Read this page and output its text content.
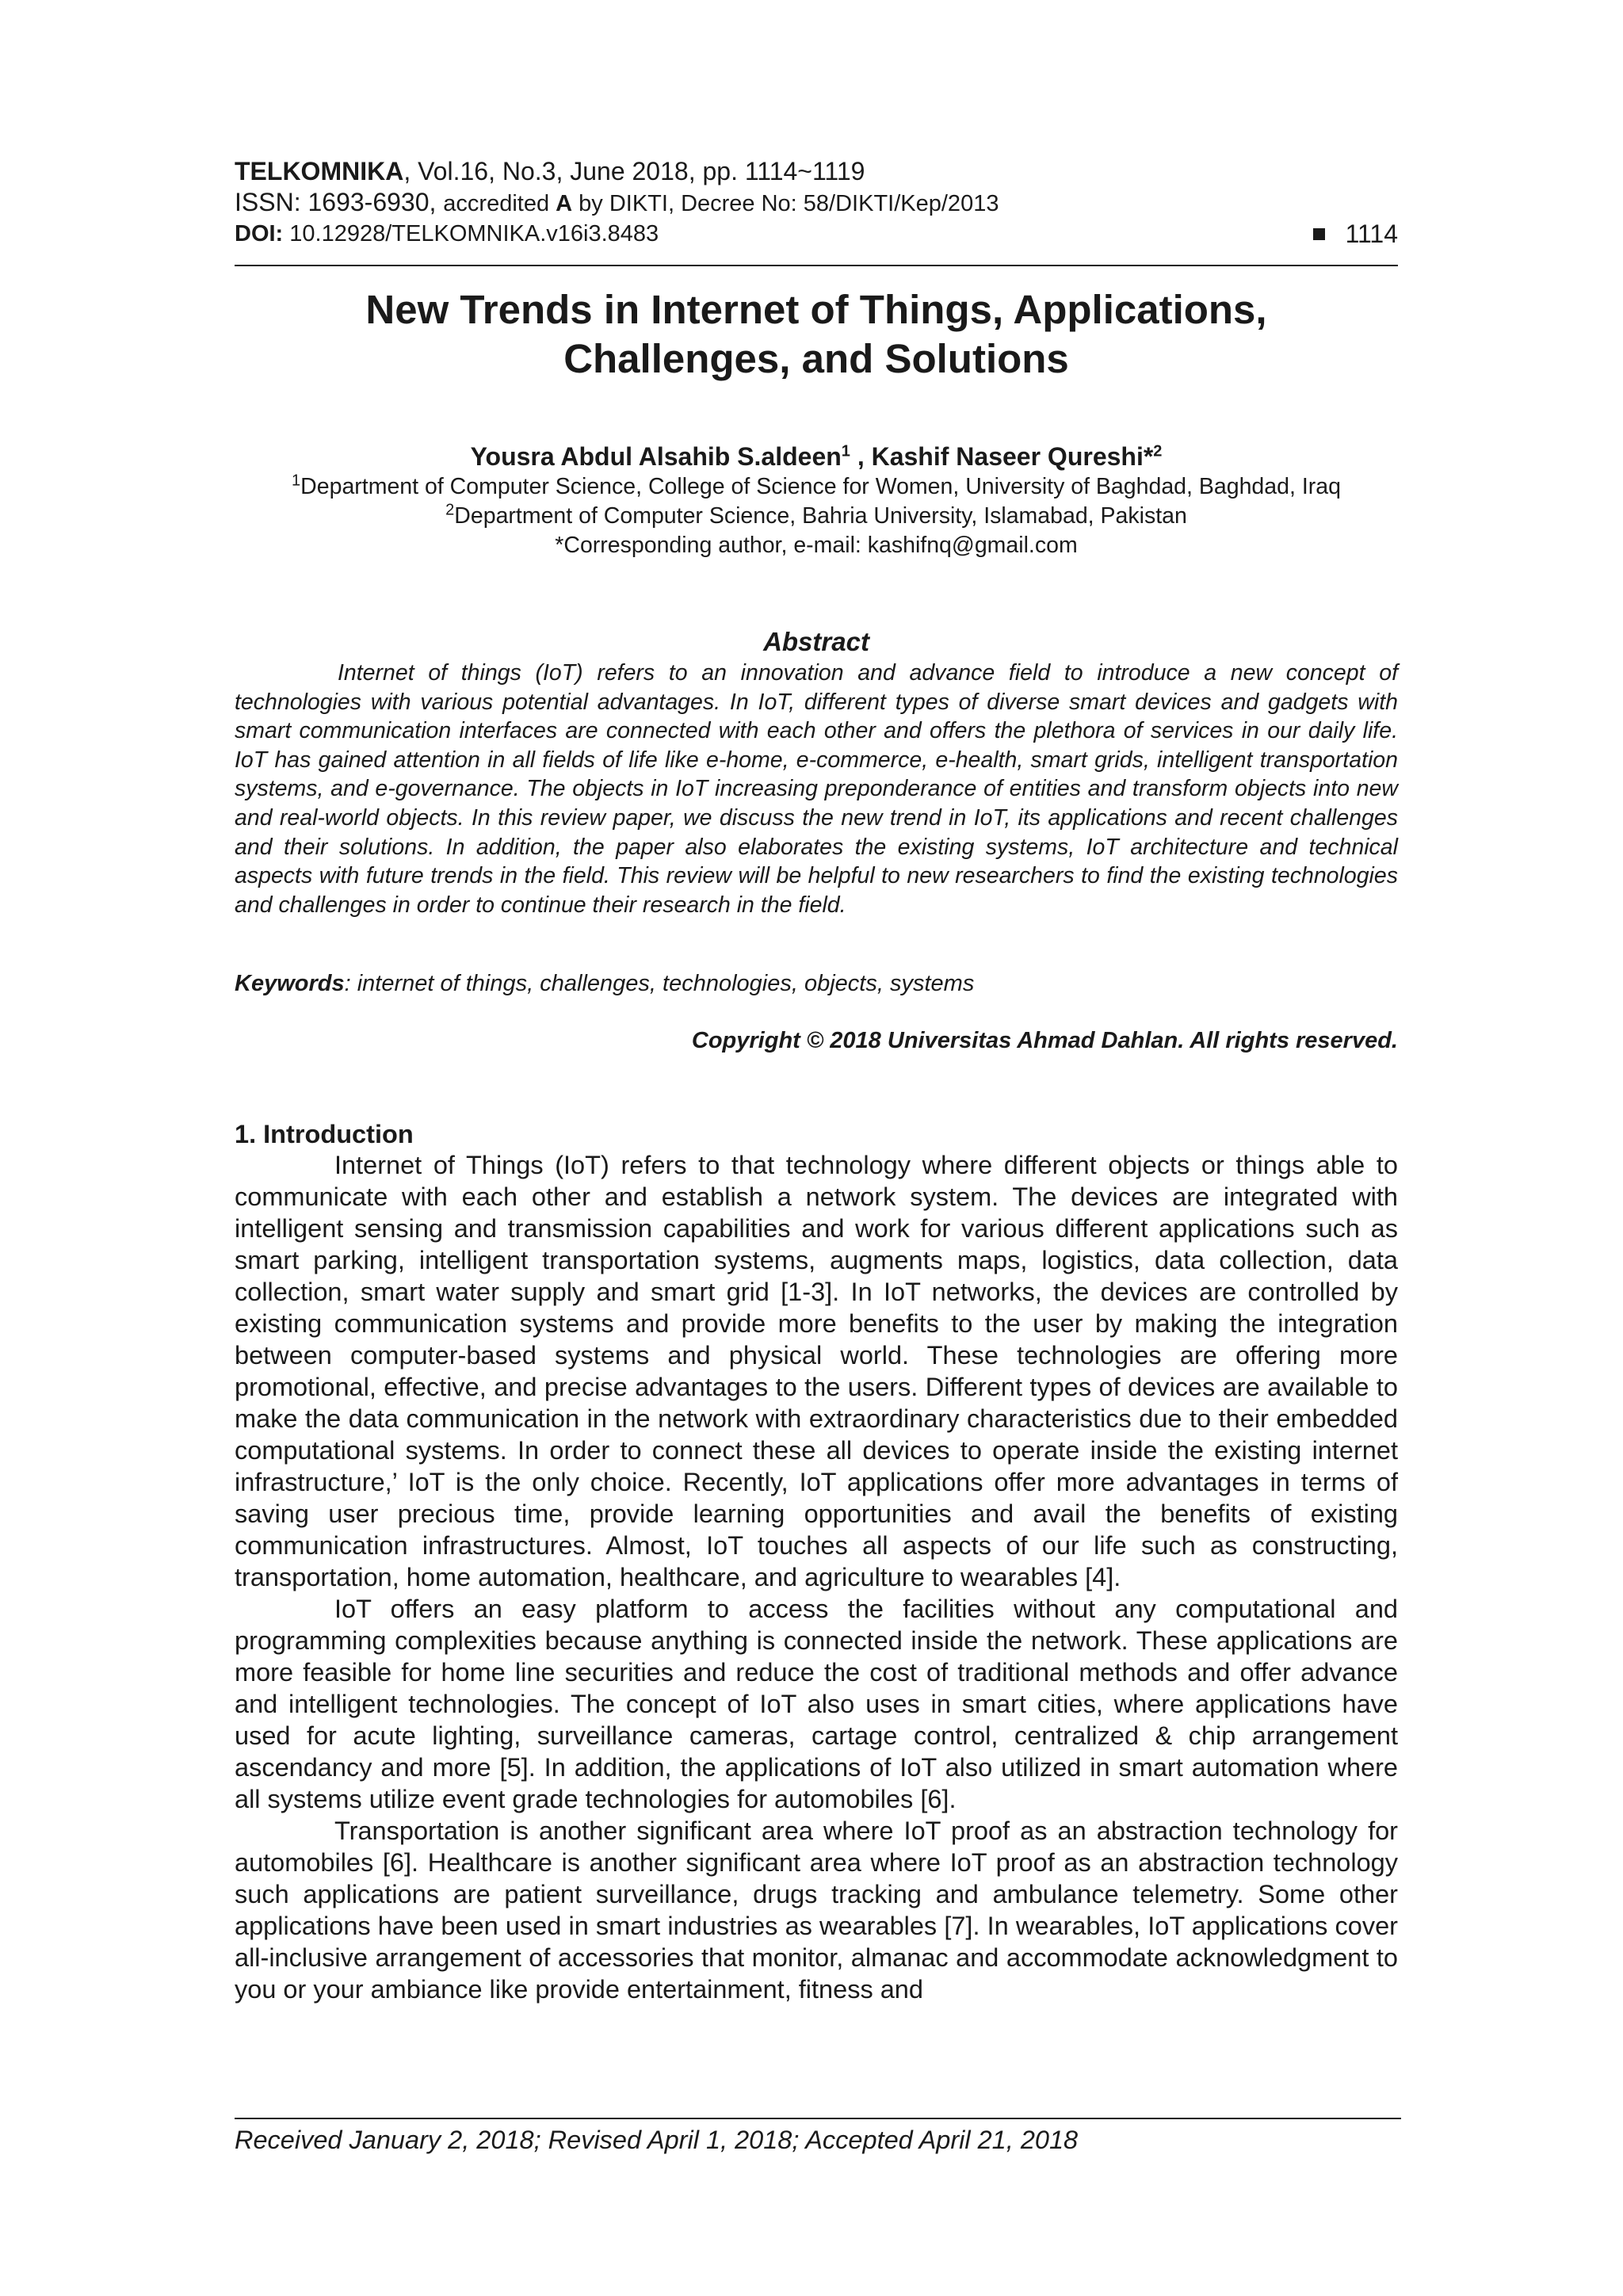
TELKOMNIKA, Vol.16, No.3, June 2018, pp. 1114~1119
ISSN: 1693-6930, accredited A by DIKTI, Decree No: 58/DIKTI/Kep/2013
DOI: 10.12928/TELKOMNIKA.v16i3.8483	1114
New Trends in Internet of Things, Applications,
Challenges, and Solutions
Yousra Abdul Alsahib S.aldeen$^1$ , Kashif Naseer Qureshi*$^2$
$^1$Department of Computer Science, College of Science for Women, University of Baghdad, Baghdad, Iraq
$^2$Department of Computer Science, Bahria University, Islamabad, Pakistan
*Corresponding author, e-mail: kashifnq@gmail.com
Abstract
Internet of things (IoT) refers to an innovation and advance field to introduce a new concept of technologies with various potential advantages. In IoT, different types of diverse smart devices and gadgets with smart communication interfaces are connected with each other and offers the plethora of services in our daily life. IoT has gained attention in all fields of life like e-home, e-commerce, e-health, smart grids, intelligent transportation systems, and e-governance. The objects in IoT increasing preponderance of entities and transform objects into new and real-world objects. In this review paper, we discuss the new trend in IoT, its applications and recent challenges and their solutions. In addition, the paper also elaborates the existing systems, IoT architecture and technical aspects with future trends in the field. This review will be helpful to new researchers to find the existing technologies and challenges in order to continue their research in the field.
Keywords: internet of things, challenges, technologies, objects, systems
Copyright © 2018 Universitas Ahmad Dahlan. All rights reserved.
1. Introduction

Internet of Things (IoT) refers to that technology where different objects or things able to communicate with each other and establish a network system. The devices are integrated with intelligent sensing and transmission capabilities and work for various different applications such as smart parking, intelligent transportation systems, augments maps, logistics, data collection, data collection, smart water supply and smart grid [1-3]. In IoT networks, the devices are controlled by existing communication systems and provide more benefits to the user by making the integration between computer-based systems and physical world. These technologies are offering more promotional, effective, and precise advantages to the users. Different types of devices are available to make the data communication in the network with extraordinary characteristics due to their embedded computational systems. In order to connect these all devices to operate inside the existing internet infrastructure,’ IoT is the only choice. Recently, IoT applications offer more advantages in terms of saving user precious time, provide learning opportunities and avail the benefits of existing communication infrastructures. Almost, IoT touches all aspects of our life such as constructing, transportation, home automation, healthcare, and agriculture to wearables [4].

IoT offers an easy platform to access the facilities without any computational and programming complexities because anything is connected inside the network. These applications are more feasible for home line securities and reduce the cost of traditional methods and offer advance and intelligent technologies. The concept of IoT also uses in smart cities, where applications have used for acute lighting, surveillance cameras, cartage control, centralized & chip arrangement ascendancy and more [5]. In addition, the applications of IoT also utilized in smart automation where all systems utilize event grade technologies for automobiles [6].

Transportation is another significant area where IoT proof as an abstraction technology for automobiles [6]. Healthcare is another significant area where IoT proof as an abstraction technology such applications are patient surveillance, drugs tracking and ambulance telemetry. Some other applications have been used in smart industries as wearables [7]. In wearables, IoT applications cover all-inclusive arrangement of accessories that monitor, almanac and accommodate acknowledgment to you or your ambiance like provide entertainment, fitness and

Received January 2, 2018; Revised April 1, 2018; Accepted April 21, 2018
